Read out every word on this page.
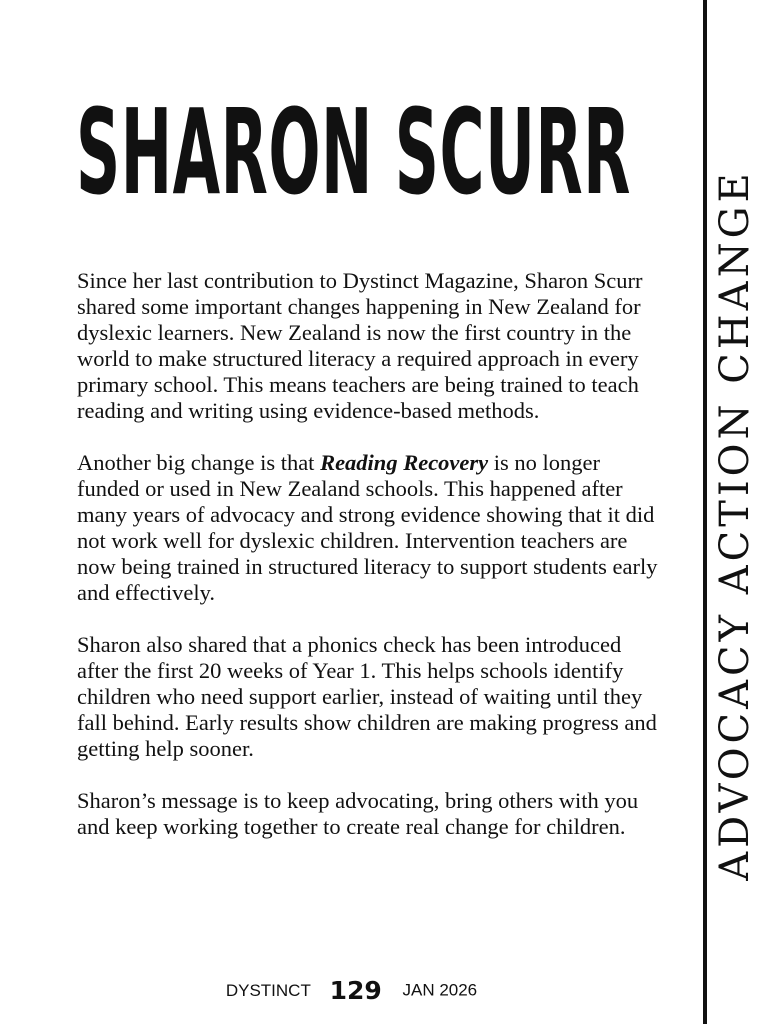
SHARON SCURR

Since her last contribution to Dystinct Magazine, Sharon Scurr shared some important changes happening in New Zealand for dyslexic learners. New Zealand is now the first country in the world to make structured literacy a required approach in every primary school. This means teachers are being trained to teach reading and writing using evidence-based methods.

Another big change is that Reading Recovery is no longer funded or used in New Zealand schools. This happened after many years of advocacy and strong evidence showing that it did not work well for dyslexic children. Intervention teachers are now being trained in structured literacy to support students early and effectively.

Sharon also shared that a phonics check has been introduced after the first 20 weeks of Year 1. This helps schools identify children who need support earlier, instead of waiting until they fall behind. Early results show children are making progress and getting help sooner.

Sharon’s message is to keep advocating, bring others with you and keep working together to create real change for children.	ADVOCACY ACTION CHANGE
DYSTINCT 129 JAN 2026
